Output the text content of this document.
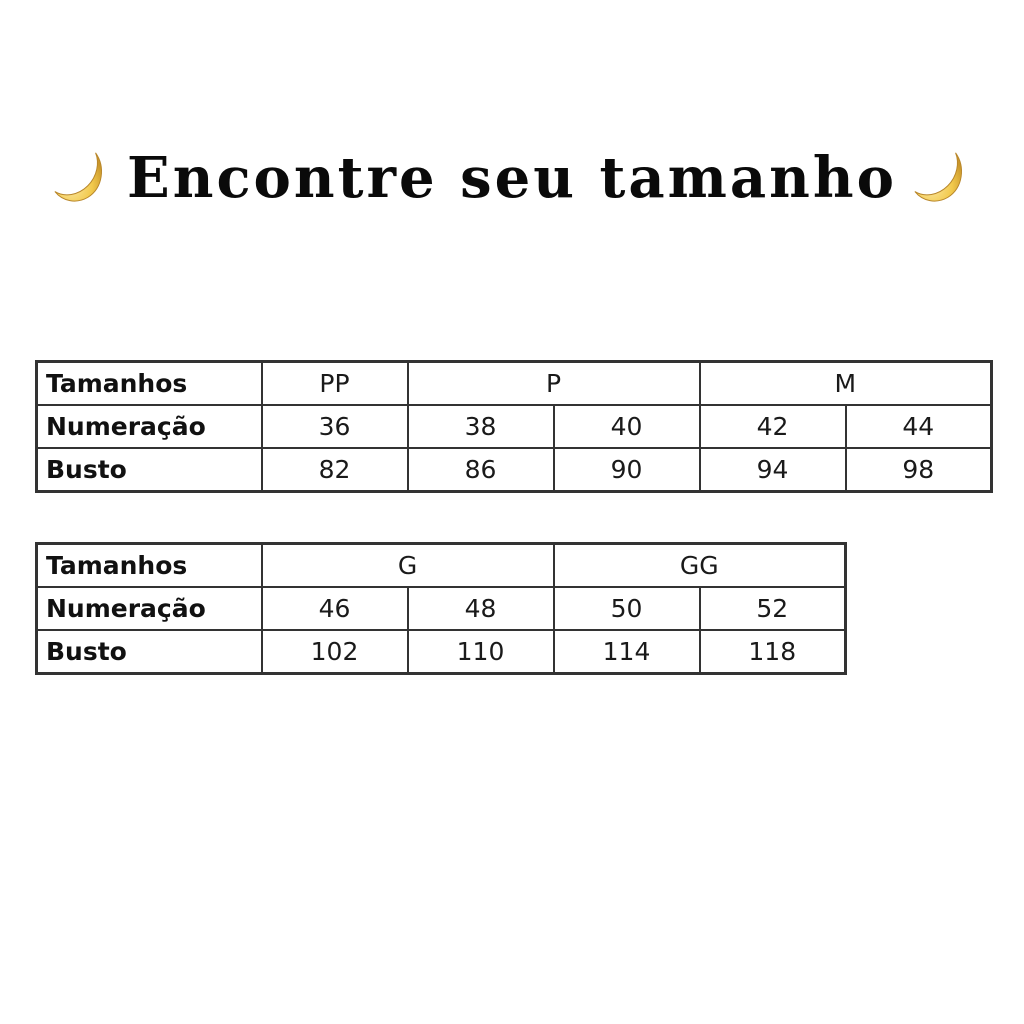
Encontre seu tamanho
Tamanhos	PP	P		M	
Numeração	36	38	40	42	44
Busto	82	86	90	94	98
Tamanhos	G		GG	
Numeração	46	48	50	52
Busto	102	110	114	118
